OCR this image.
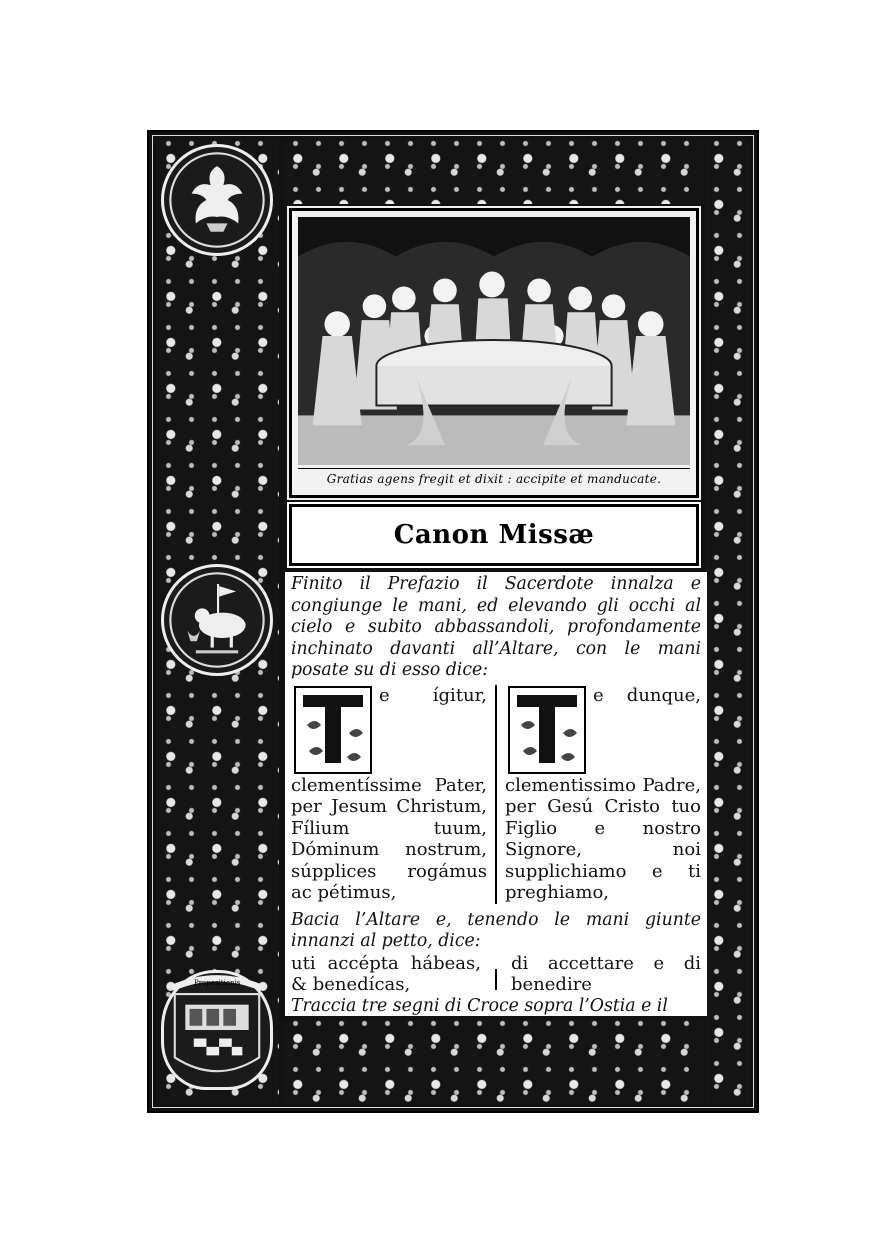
Propositionis
Gratias agens fregit et dixit : accipite et manducate.
Canon Missæ

Finito il Prefazio il Sacerdote innalza e congiunge le mani, ed elevando gli occhi al cielo e subito abbassandoli, profondamente inchinato davanti all’Altare, con le mani posate su di esso dice:

e ígitur, clementíssime Pater, per Jesum Christum, Fílium tuum, Dóminum nostrum, súpplices rogámus ac pétimus,

e dunque, clementissimo Padre, per Gesú Cristo tuo Figlio e nostro Signore, noi supplichiamo e ti preghiamo,

Bacia l’Altare e, tenendo le mani giunte innanzi al petto, dice:

uti accépta hábeas, & benedícas,

di accettare e di benedire

Traccia tre segni di Croce sopra l’Ostia e il
